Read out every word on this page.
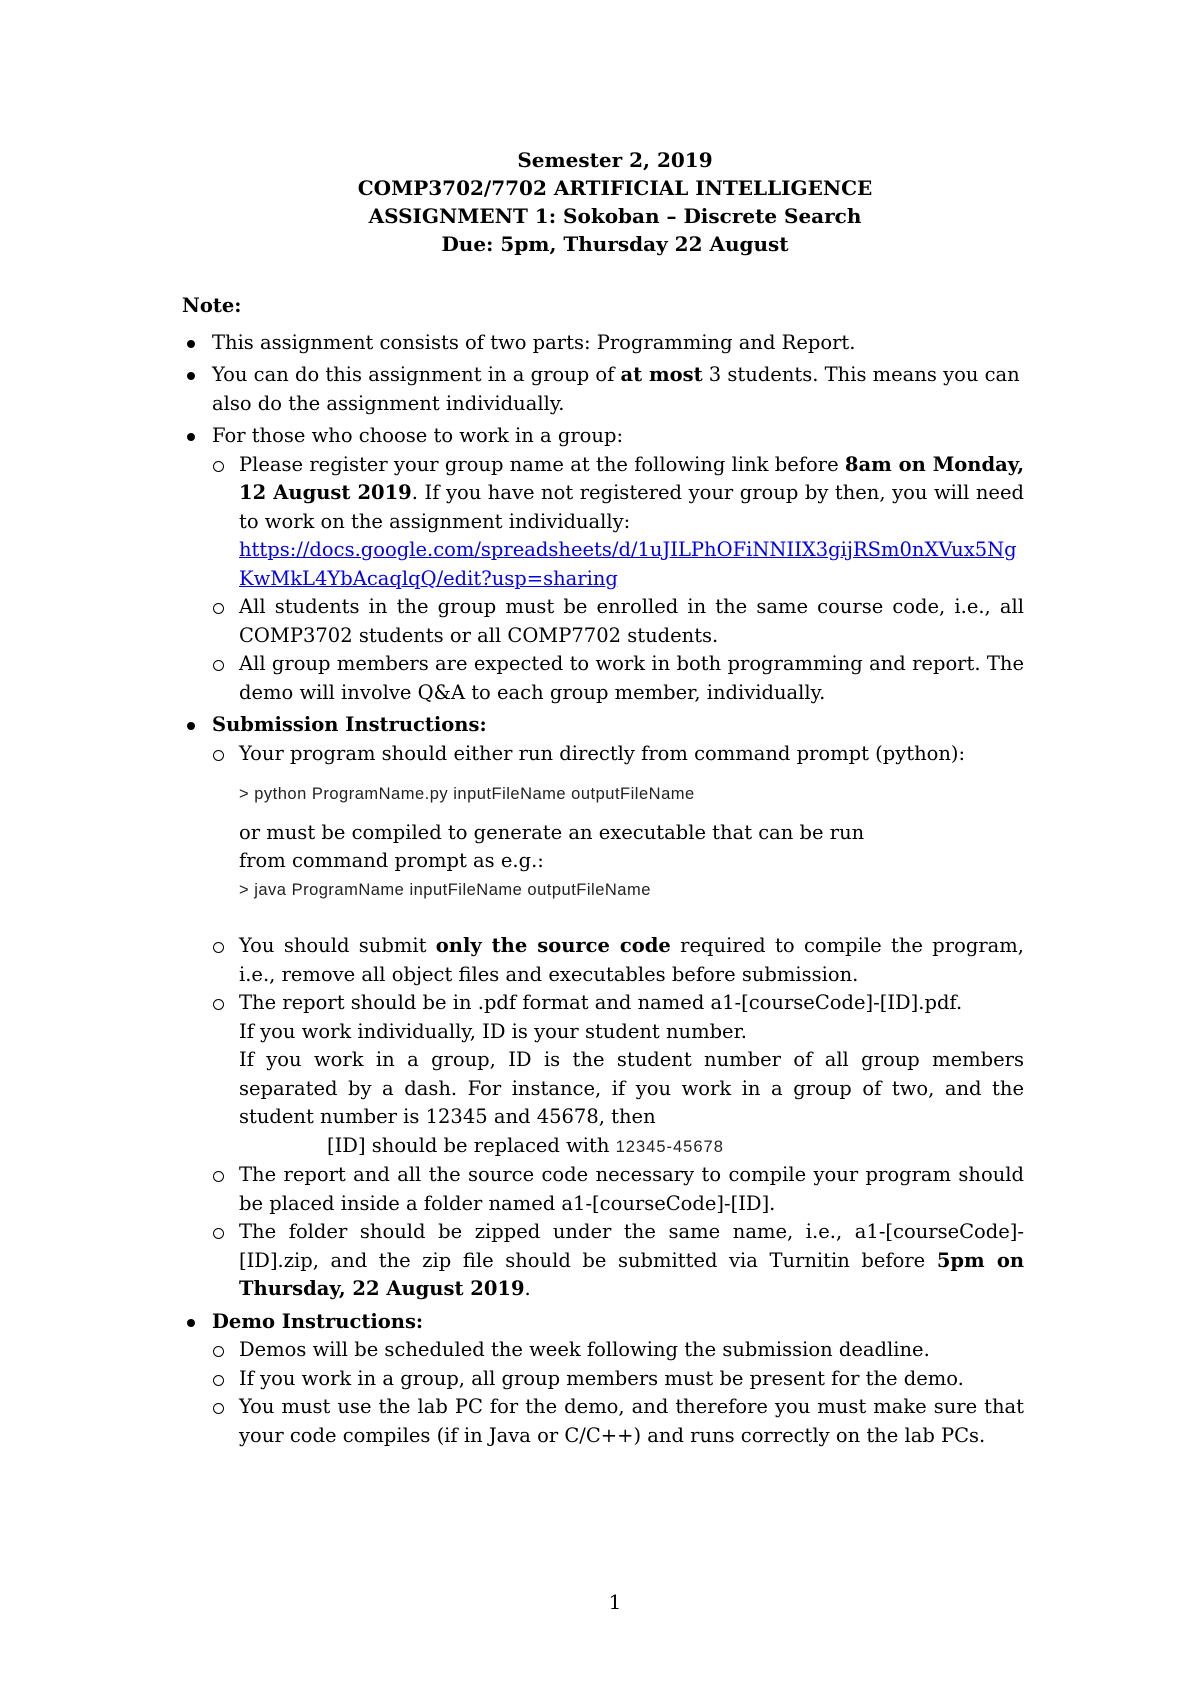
Semester 2, 2019
COMP3702/7702 ARTIFICIAL INTELLIGENCE
ASSIGNMENT 1: Sokoban – Discrete Search
Due: 5pm, Thursday 22 August
Note:
This assignment consists of two parts: Programming and Report.
You can do this assignment in a group of at most 3 students. This means you can also do the assignment individually.
For those who choose to work in a group:
Please register your group name at the following link before 8am on Monday, 12 August 2019. If you have not registered your group by then, you will need to work on the assignment individually:
https://docs.google.com/spreadsheets/d/1uJILPhOFiNNIIX3gijRSm0nXVux5NgKwMkL4YbAcaqlqQ/edit?usp=sharing
All students in the group must be enrolled in the same course code, i.e., all COMP3702 students or all COMP7702 students.
All group members are expected to work in both programming and report. The demo will involve Q&A to each group member, individually.
Submission Instructions:
Your program should either run directly from command prompt (python):
> python ProgramName.py inputFileName outputFileName
or must be compiled to generate an executable that can be run from command prompt as e.g.:
> java ProgramName inputFileName outputFileName
You should submit only the source code required to compile the program, i.e., remove all object files and executables before submission.
The report should be in .pdf format and named a1-[courseCode]-[ID].pdf.
If you work individually, ID is your student number.
If you work in a group, ID is the student number of all group members separated by a dash. For instance, if you work in a group of two, and the student number is 12345 and 45678, then
[ID] should be replaced with 12345-45678
The report and all the source code necessary to compile your program should be placed inside a folder named a1-[courseCode]-[ID].
The folder should be zipped under the same name, i.e., a1-[courseCode]-[ID].zip, and the zip file should be submitted via Turnitin before 5pm on Thursday, 22 August 2019.
Demo Instructions:
Demos will be scheduled the week following the submission deadline.
If you work in a group, all group members must be present for the demo.
You must use the lab PC for the demo, and therefore you must make sure that your code compiles (if in Java or C/C++) and runs correctly on the lab PCs.
1
